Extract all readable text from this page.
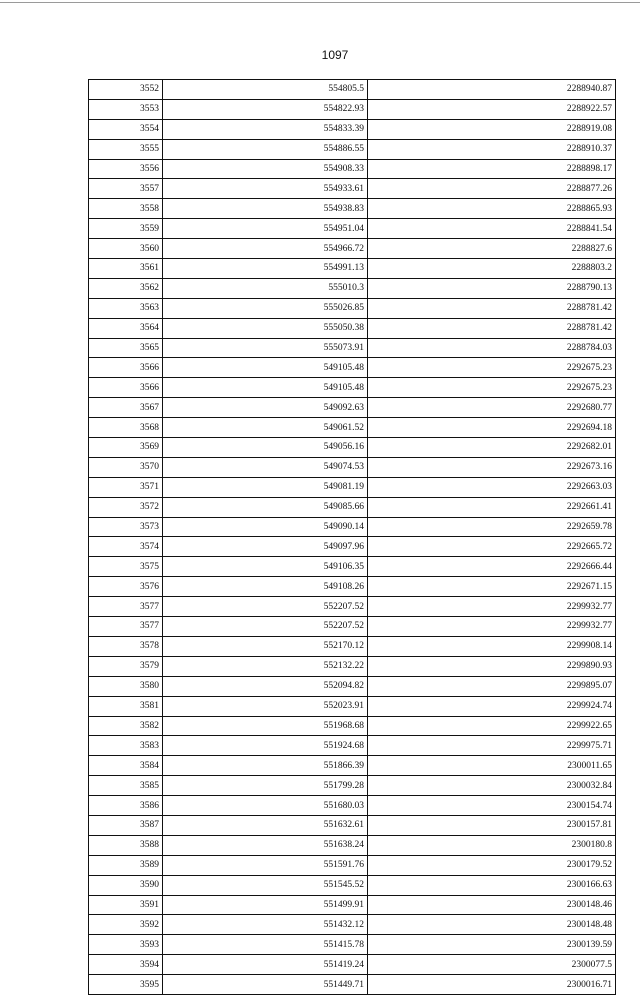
1097
3552	554805.5	2288940.87
3553	554822.93	2288922.57
3554	554833.39	2288919.08
3555	554886.55	2288910.37
3556	554908.33	2288898.17
3557	554933.61	2288877.26
3558	554938.83	2288865.93
3559	554951.04	2288841.54
3560	554966.72	2288827.6
3561	554991.13	2288803.2
3562	555010.3	2288790.13
3563	555026.85	2288781.42
3564	555050.38	2288781.42
3565	555073.91	2288784.03
3566	549105.48	2292675.23
3566	549105.48	2292675.23
3567	549092.63	2292680.77
3568	549061.52	2292694.18
3569	549056.16	2292682.01
3570	549074.53	2292673.16
3571	549081.19	2292663.03
3572	549085.66	2292661.41
3573	549090.14	2292659.78
3574	549097.96	2292665.72
3575	549106.35	2292666.44
3576	549108.26	2292671.15
3577	552207.52	2299932.77
3577	552207.52	2299932.77
3578	552170.12	2299908.14
3579	552132.22	2299890.93
3580	552094.82	2299895.07
3581	552023.91	2299924.74
3582	551968.68	2299922.65
3583	551924.68	2299975.71
3584	551866.39	2300011.65
3585	551799.28	2300032.84
3586	551680.03	2300154.74
3587	551632.61	2300157.81
3588	551638.24	2300180.8
3589	551591.76	2300179.52
3590	551545.52	2300166.63
3591	551499.91	2300148.46
3592	551432.12	2300148.48
3593	551415.78	2300139.59
3594	551419.24	2300077.5
3595	551449.71	2300016.71
